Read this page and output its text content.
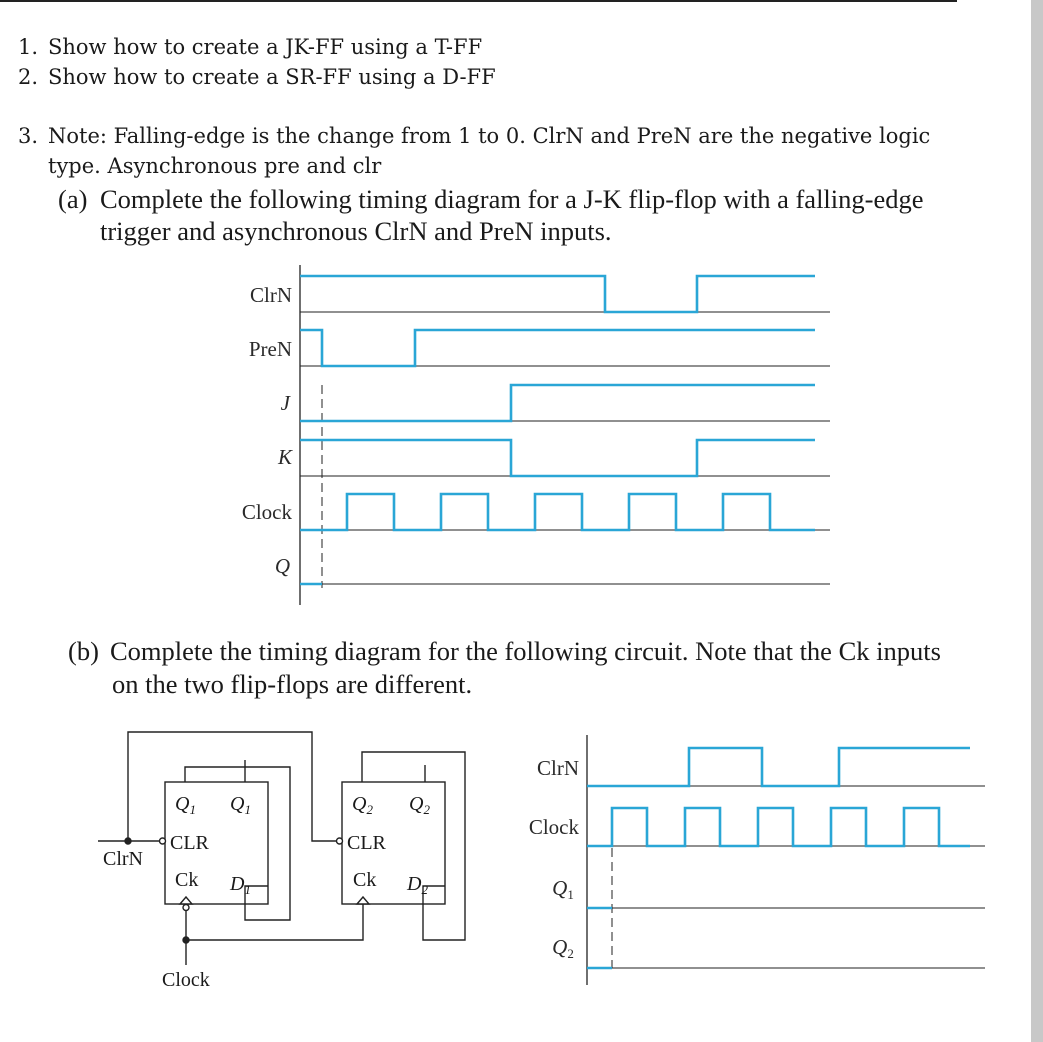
1. Show how to create a JK-FF using a T-FF
2. Show how to create a SR-FF using a D-FF
3. Note: Falling-edge is the change from 1 to 0. ClrN and PreN are the negative logic
type. Asynchronous pre and clr
(a) Complete the following timing diagram for a J-K flip-flop with a falling-edge
trigger and asynchronous ClrN and PreN inputs.
(b) Complete the timing diagram for the following circuit. Note that the Ck inputs
on the two flip-flops are different.
ClrN
PreN
J
K
Clock
Q
$Q_1$ $Q_1$
CLR
Ck $D_1$
$Q_2$ $Q_2$
CLR
Ck $D_2$
ClrN
Clock
ClrN
Clock
Q1
Q2
